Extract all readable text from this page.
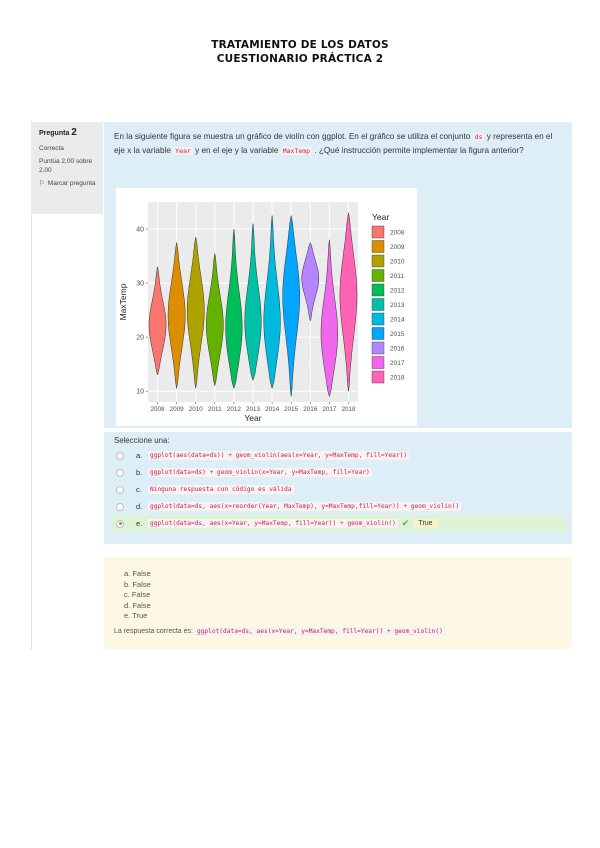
TRATAMIENTO DE LOS DATOS
CUESTIONARIO PRÁCTICA 2
Pregunta 2
Correcta
Puntúa 2,00 sobre 2,00
⚐ Marcar pregunta
En la siguiente figura se muestra un gráfico de violín con ggplot. En el gráfico se utiliza el conjunto ds y representa en el eje x la variable Year y en el eje y la variable MaxTemp . ¿Qué instrucción permite implementar la figura anterior?
10
20
30
40
2008 2009 2010 2011 2012 2013 2014 2015 2016 2017 2018
Year
MaxTemp
Year
2008
2009
2010
2011
2012
2013
2014
2015
2016
2017
2018
Seleccione una:
a.	ggplot(aes(data=ds)) + geom_violin(aes(x=Year, y=MaxTemp, fill=Year))
b.	ggplot(data=ds) + geom_violin(x=Year, y=MaxTemp, fill=Year)
c.	Ninguna respuesta con código es válida
d.	ggplot(data=ds, aes(x=reorder(Year, MaxTemp), y=MaxTemp,fill=Year)) + geom_violin()
e.	ggplot(data=ds, aes(x=Year, y=MaxTemp, fill=Year)) + geom_violin() ✔	True
a. False
b. False
c. False
d. False
e. True
La respuesta correcta es: ggplot(data=ds, aes(x=Year, y=MaxTemp, fill=Year)) + geom_violin()
